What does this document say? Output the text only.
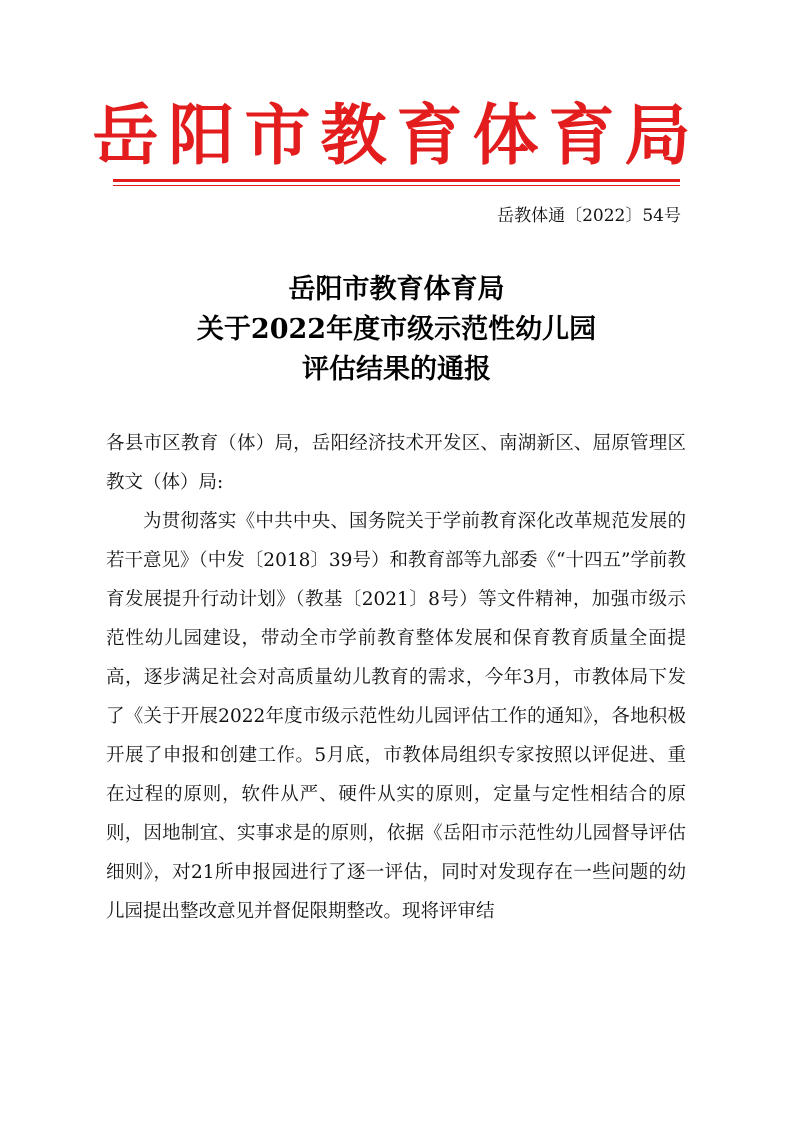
岳阳市教育体育局
岳教体通〔2022〕54号
岳阳市教育体育局
关于2022年度市级示范性幼儿园
评估结果的通报

各县市区教育（体）局，岳阳经济技术开发区、南湖新区、屈原管理区教文（体）局:

为贯彻落实《中共中央、国务院关于学前教育深化改革规范发展的若干意见》（中发〔2018〕39号）和教育部等九部委《“十四五”学前教育发展提升行动计划》（教基〔2021〕8号）等文件精神，加强市级示范性幼儿园建设，带动全市学前教育整体发展和保育教育质量全面提高，逐步满足社会对高质量幼儿教育的需求，今年3月，市教体局下发了《关于开展2022年度市级示范性幼儿园评估工作的通知》，各地积极开展了申报和创建工作。5月底，市教体局组织专家按照以评促进、重在过程的原则，软件从严、硬件从实的原则，定量与定性相结合的原则，因地制宜、实事求是的原则，依据《岳阳市示范性幼儿园督导评估细则》，对21所申报园进行了逐一评估，同时对发现存在一些问题的幼儿园提出整改意见并督促限期整改。现将评审结
